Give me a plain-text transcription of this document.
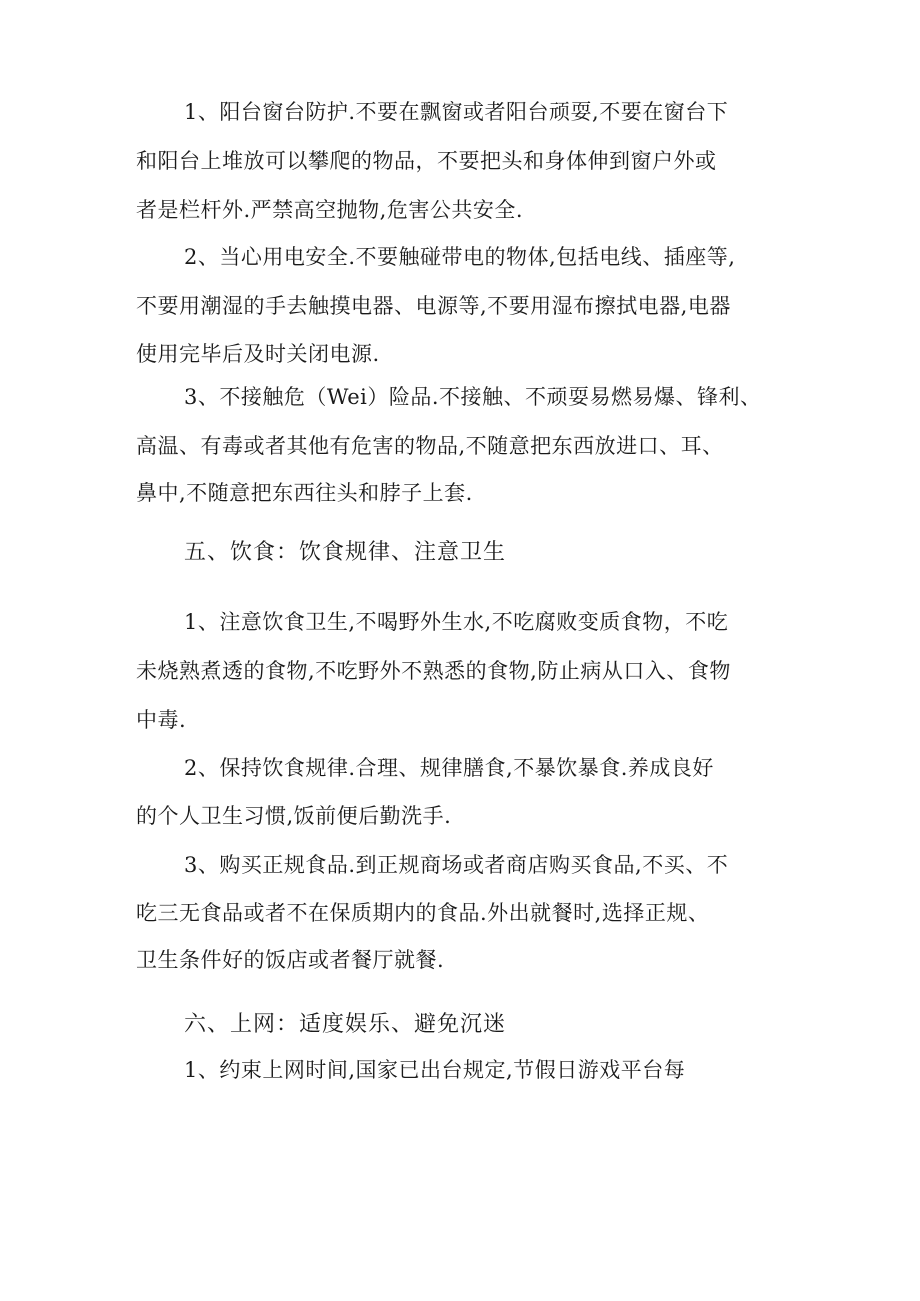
1、阳台窗台防护.不要在飘窗或者阳台顽耍,不要在窗台下
和阳台上堆放可以攀爬的物品，不要把头和身体伸到窗户外或
者是栏杆外.严禁高空抛物,危害公共安全.
2、当心用电安全.不要触碰带电的物体,包括电线、插座等,
不要用潮湿的手去触摸电器、电源等,不要用湿布擦拭电器,电器
使用完毕后及时关闭电源.
3、不接触危（Wei）险品.不接触、不顽耍易燃易爆、锋利、
高温、有毒或者其他有危害的物品,不随意把东西放进口、耳、
鼻中,不随意把东西往头和脖子上套.
五、饮食：饮食规律、注意卫生
1、注意饮食卫生,不喝野外生水,不吃腐败变质食物，不吃
未烧熟煮透的食物,不吃野外不熟悉的食物,防止病从口入、食物
中毒.
2、保持饮食规律.合理、规律膳食,不暴饮暴食.养成良好
的个人卫生习惯,饭前便后勤洗手.
3、购买正规食品.到正规商场或者商店购买食品,不买、不
吃三无食品或者不在保质期内的食品.外出就餐时,选择正规、
卫生条件好的饭店或者餐厅就餐.
六、上网：适度娱乐、避免沉迷
1、约束上网时间,国家已出台规定,节假日游戏平台每
